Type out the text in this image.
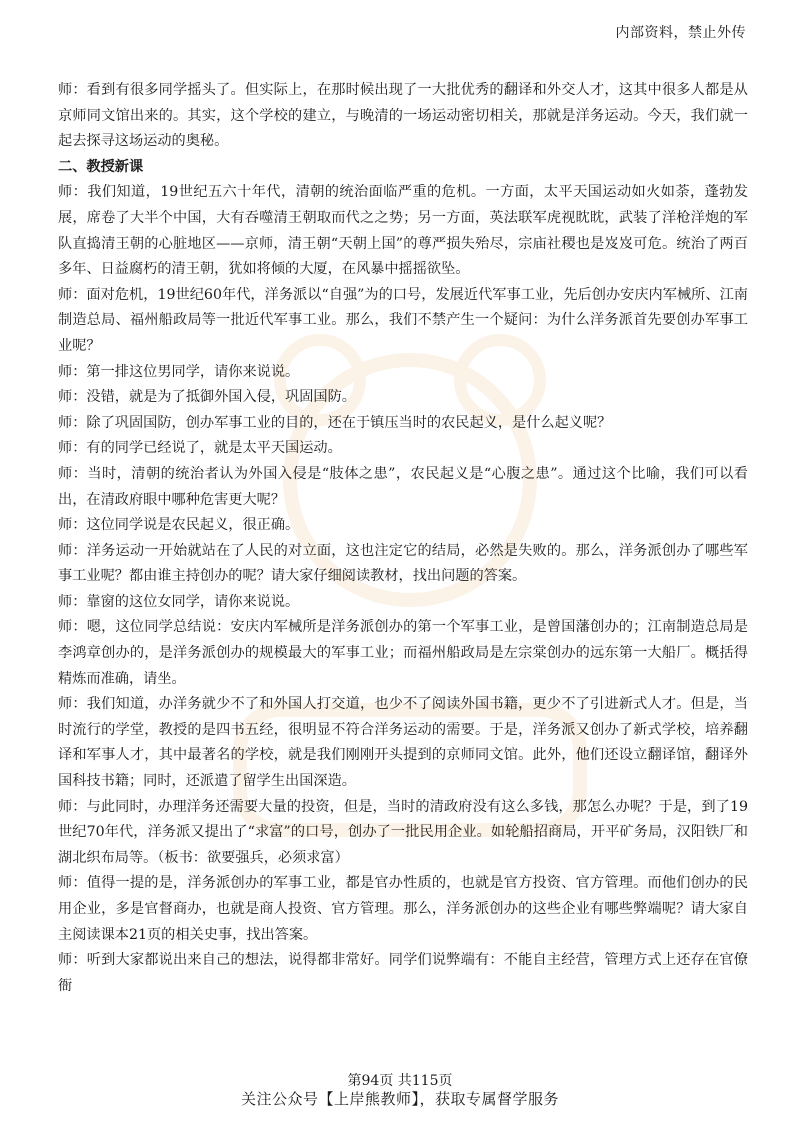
内部资料，禁止外传

师：看到有很多同学摇头了。但实际上，在那时候出现了一大批优秀的翻译和外交人才，这其中很多人都是从京师同文馆出来的。其实，这个学校的建立，与晚清的一场运动密切相关，那就是洋务运动。今天，我们就一起去探寻这场运动的奥秘。

二、教授新课

师：我们知道，19世纪五六十年代，清朝的统治面临严重的危机。一方面，太平天国运动如火如荼，蓬勃发展，席卷了大半个中国，大有吞噬清王朝取而代之之势；另一方面，英法联军虎视眈眈，武装了洋枪洋炮的军队直捣清王朝的心脏地区——京师，清王朝“天朝上国”的尊严损失殆尽，宗庙社稷也是岌岌可危。统治了两百多年、日益腐朽的清王朝，犹如将倾的大厦，在风暴中摇摇欲坠。

师：面对危机，19世纪60年代，洋务派以“自强”为的口号，发展近代军事工业，先后创办安庆内军械所、江南制造总局、福州船政局等一批近代军事工业。那么，我们不禁产生一个疑问：为什么洋务派首先要创办军事工业呢？

师：第一排这位男同学，请你来说说。

师：没错，就是为了抵御外国入侵，巩固国防。

师：除了巩固国防，创办军事工业的目的，还在于镇压当时的农民起义，是什么起义呢？

师：有的同学已经说了，就是太平天国运动。

师：当时，清朝的统治者认为外国入侵是“肢体之患”，农民起义是“心腹之患”。通过这个比喻，我们可以看出，在清政府眼中哪种危害更大呢？

师：这位同学说是农民起义，很正确。

师：洋务运动一开始就站在了人民的对立面，这也注定它的结局，必然是失败的。那么，洋务派创办了哪些军事工业呢？都由谁主持创办的呢？请大家仔细阅读教材，找出问题的答案。

师：靠窗的这位女同学，请你来说说。

师：嗯，这位同学总结说：安庆内军械所是洋务派创办的第一个军事工业，是曾国藩创办的；江南制造总局是李鸿章创办的，是洋务派创办的规模最大的军事工业；而福州船政局是左宗棠创办的远东第一大船厂。概括得精炼而准确，请坐。

师：我们知道，办洋务就少不了和外国人打交道，也少不了阅读外国书籍，更少不了引进新式人才。但是，当时流行的学堂，教授的是四书五经，很明显不符合洋务运动的需要。于是，洋务派又创办了新式学校，培养翻译和军事人才，其中最著名的学校，就是我们刚刚开头提到的京师同文馆。此外，他们还设立翻译馆，翻译外国科技书籍；同时，还派遣了留学生出国深造。

师：与此同时，办理洋务还需要大量的投资，但是，当时的清政府没有这么多钱，那怎么办呢？于是，到了19世纪70年代，洋务派又提出了“求富”的口号，创办了一批民用企业。如轮船招商局，开平矿务局，汉阳铁厂和湖北织布局等。（板书：欲要强兵，必须求富）

师：值得一提的是，洋务派创办的军事工业，都是官办性质的，也就是官方投资、官方管理。而他们创办的民用企业，多是官督商办，也就是商人投资、官方管理。那么，洋务派创办的这些企业有哪些弊端呢？请大家自主阅读课本21页的相关史事，找出答案。

师：听到大家都说出来自己的想法，说得都非常好。同学们说弊端有：不能自主经营，管理方式上还存在官僚衙

第94页 共115页
关注公众号【上岸熊教师】，获取专属督学服务
